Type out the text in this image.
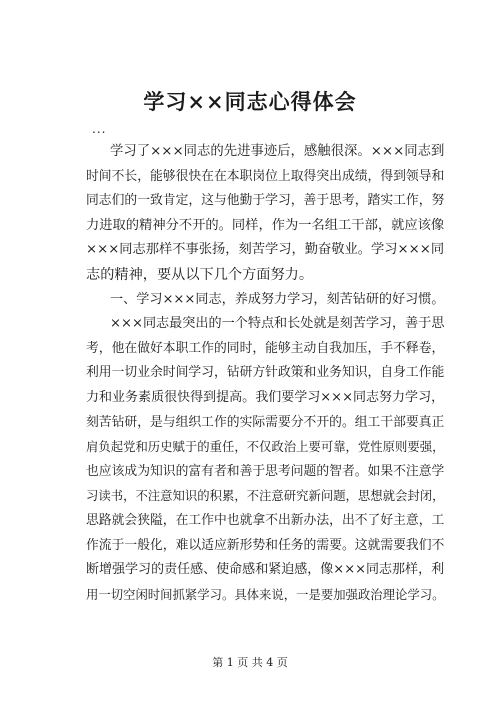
学习××同志心得体会
...
学习了×××同志的先进事迹后，感触很深。×××同志到
时间不长，能够很快在在本职岗位上取得突出成绩，得到领导和
同志们的一致肯定，这与他勤于学习，善于思考，踏实工作，努
力进取的精神分不开的。同样，作为一名组工干部，就应该像
×××同志那样不事张扬，刻苦学习，勤奋敬业。学习×××同
志的精神，要从以下几个方面努力。
一、学习×××同志，养成努力学习，刻苦钻研的好习惯。
×××同志最突出的一个特点和长处就是刻苦学习，善于思
考，他在做好本职工作的同时，能够主动自我加压，手不释卷，
利用一切业余时间学习，钻研方针政策和业务知识，自身工作能
力和业务素质很快得到提高。我们要学习×××同志努力学习，
刻苦钻研，是与组织工作的实际需要分不开的。组工干部要真正
肩负起党和历史赋于的重任，不仅政治上要可靠，党性原则要强，
也应该成为知识的富有者和善于思考问题的智者。如果不注意学
习读书，不注意知识的积累，不注意研究新问题，思想就会封闭，
思路就会狭隘，在工作中也就拿不出新办法，出不了好主意，工
作流于一般化，难以适应新形势和任务的需要。这就需要我们不
断增强学习的责任感、使命感和紧迫感，像×××同志那样，利
用一切空闲时间抓紧学习。具体来说，一是要加强政治理论学习。
第 1 页 共 4 页
